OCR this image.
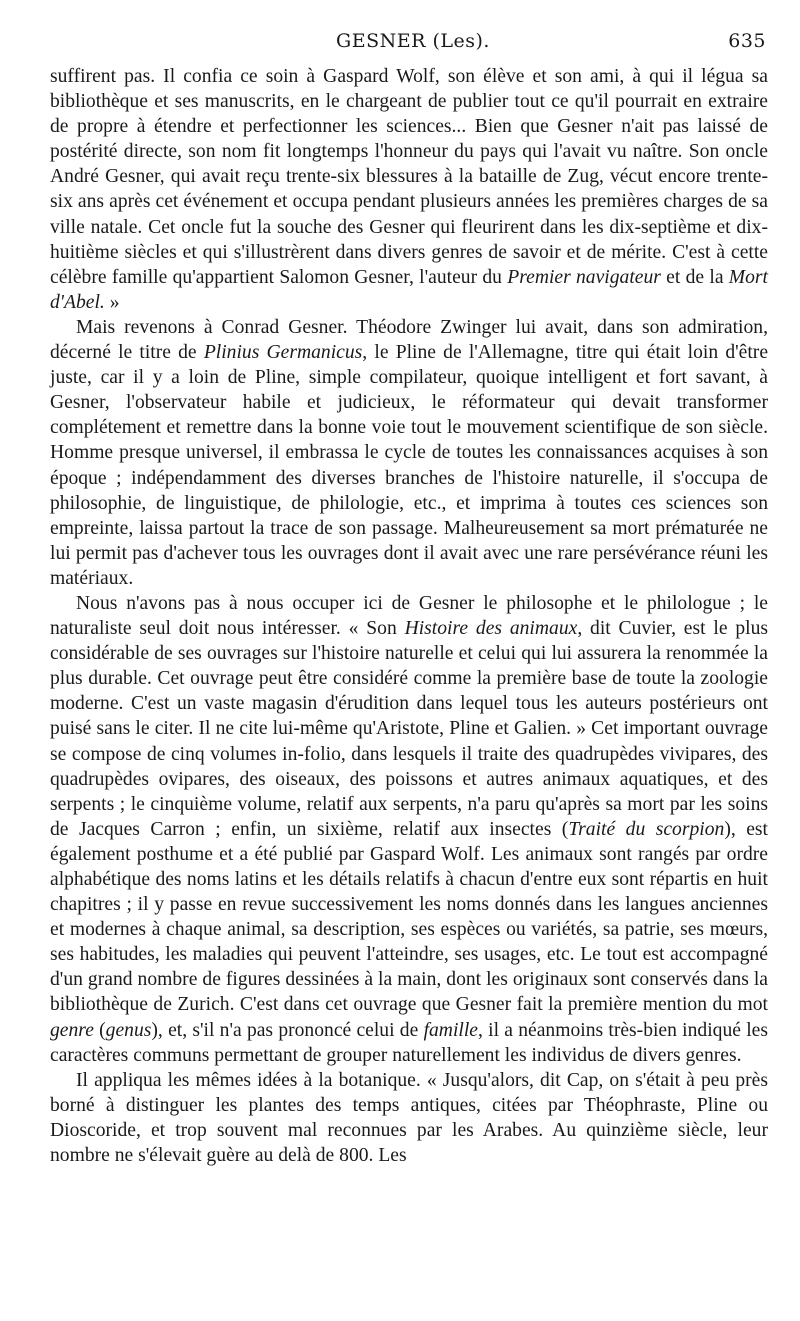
GESNER (Les).	635

suffirent pas. Il confia ce soin à Gaspard Wolf, son élève et son ami, à qui il légua sa bibliothèque et ses manuscrits, en le chargeant de publier tout ce qu'il pourrait en extraire de propre à étendre et perfectionner les sciences... Bien que Gesner n'ait pas laissé de postérité directe, son nom fit longtemps l'honneur du pays qui l'avait vu naître. Son oncle André Gesner, qui avait reçu trente-six blessures à la bataille de Zug, vécut encore trente-six ans après cet événement et occupa pendant plusieurs années les premières charges de sa ville natale. Cet oncle fut la souche des Gesner qui fleurirent dans les dix-septième et dix-huitième siècles et qui s'illustrèrent dans divers genres de savoir et de mérite. C'est à cette célèbre famille qu'appartient Salomon Gesner, l'auteur du Premier navigateur et de la Mort d'Abel. »

Mais revenons à Conrad Gesner. Théodore Zwinger lui avait, dans son admiration, décerné le titre de Plinius Germanicus, le Pline de l'Allemagne, titre qui était loin d'être juste, car il y a loin de Pline, simple compilateur, quoique intelligent et fort savant, à Gesner, l'observateur habile et judicieux, le réformateur qui devait transformer complétement et remettre dans la bonne voie tout le mouvement scientifique de son siècle. Homme presque universel, il embrassa le cycle de toutes les connaissances acquises à son époque ; indépendamment des diverses branches de l'histoire naturelle, il s'occupa de philosophie, de linguistique, de philologie, etc., et imprima à toutes ces sciences son empreinte, laissa partout la trace de son passage. Malheureusement sa mort prématurée ne lui permit pas d'achever tous les ouvrages dont il avait avec une rare persévérance réuni les matériaux.

Nous n'avons pas à nous occuper ici de Gesner le philosophe et le philologue ; le naturaliste seul doit nous intéresser. « Son Histoire des animaux, dit Cuvier, est le plus considérable de ses ouvrages sur l'histoire naturelle et celui qui lui assurera la renommée la plus durable. Cet ouvrage peut être considéré comme la première base de toute la zoologie moderne. C'est un vaste magasin d'érudition dans lequel tous les auteurs postérieurs ont puisé sans le citer. Il ne cite lui-même qu'Aristote, Pline et Galien. » Cet important ouvrage se compose de cinq volumes in-folio, dans lesquels il traite des quadrupèdes vivipares, des quadrupèdes ovipares, des oiseaux, des poissons et autres animaux aquatiques, et des serpents ; le cinquième volume, relatif aux serpents, n'a paru qu'après sa mort par les soins de Jacques Carron ; enfin, un sixième, relatif aux insectes (Traité du scorpion), est également posthume et a été publié par Gaspard Wolf. Les animaux sont rangés par ordre alphabétique des noms latins et les détails relatifs à chacun d'entre eux sont répartis en huit chapitres ; il y passe en revue successivement les noms donnés dans les langues anciennes et modernes à chaque animal, sa description, ses espèces ou variétés, sa patrie, ses mœurs, ses habitudes, les maladies qui peuvent l'atteindre, ses usages, etc. Le tout est accompagné d'un grand nombre de figures dessinées à la main, dont les originaux sont conservés dans la bibliothèque de Zurich. C'est dans cet ouvrage que Gesner fait la première mention du mot genre (genus), et, s'il n'a pas prononcé celui de famille, il a néanmoins très-bien indiqué les caractères communs permettant de grouper naturellement les individus de divers genres.

Il appliqua les mêmes idées à la botanique. « Jusqu'alors, dit Cap, on s'était à peu près borné à distinguer les plantes des temps antiques, citées par Théophraste, Pline ou Dioscoride, et trop souvent mal reconnues par les Arabes. Au quinzième siècle, leur nombre ne s'élevait guère au delà de 800. Les
